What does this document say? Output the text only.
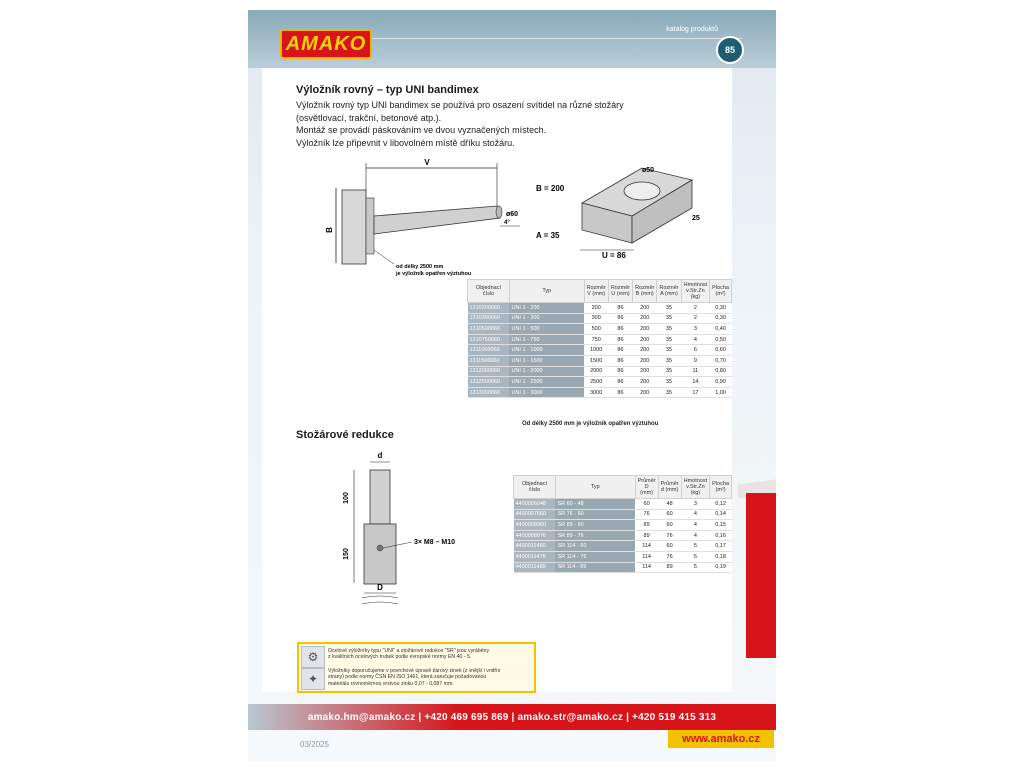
AMAKO
katalog produktů
85
Výložník rovný – typ UNI bandimex
Výložník rovný typ UNI bandimex se používá pro osazení svítidel na různé stožáry
(osvětlovací, trakční, betonové atp.).
Montáž se provádí páskováním ve dvou vyznačených místech.
Výložník lze připevnit v libovolném místě dříku stožáru.
V
B
ø60
4°
od délky 2500 mm
je výložník opatřen výztuhou
ø50
B = 200
25
A = 35
U = 86
Objednací číslo	Typ	Rozměr V (mm)	Rozměr U (mm)	Rozměr B (mm)	Rozměr A (mm)	Hmotnost v.Str.Zn (kg)	Plocha (m²)
1310200060	UNI 1 - 200	200	86	200	35	2	0,30
1310300060	UNI 1 - 300	300	86	200	35	2	0,30
1310500060	UNI 1 - 500	500	86	200	35	3	0,40
1310750060	UNI 1 - 750	750	86	200	35	4	0,50
1311000060	UNI 1 - 1000	1000	86	200	35	6	0,60
1311500060	UNI 1 - 1500	1500	86	200	35	9	0,70
1312000060	UNI 1 - 2000	2000	86	200	35	11	0,80
1312500060	UNI 1 - 2500	2500	86	200	35	14	0,90
1313000060	UNI 1 - 3000	3000	86	200	35	17	1,00
Od délky 2500 mm je výložník opatřen výztuhou
Stožárové redukce
d
100
150
3× M8 – M10
D
Objednací číslo	Typ	Průměr D (mm)	Průměr d (mm)	Hmotnost v.Str.Zn (kg)	Plocha (m²)
4400006048	SR 60 - 48	60	48	3	0,12
4400007660	SR 76 - 60	76	60	4	0,14
4400008960	SR 89 - 60	89	60	4	0,15
4400008976	SR 89 - 76	89	76	4	0,16
4400011460	SR 114 - 60	114	60	5	0,17
4400011476	SR 114 - 76	114	76	5	0,18
4400011489	SR 114 - 89	114	89	5	0,19
⚙	Ocelové výložníky typu "UNI" a stožárové redukce "SR" jsou vyráběny
z kvalitních ocelových trubek podle evropské normy EN 40 - 5.
✦
Výložníky doporučujeme v povrchové úpravě žárový zinek (z vnější i vnitřní
strany) podle normy ČSN EN ISO 1461, která zaručuje požadovanou
materiálu rovnoměrnou vrstvou zinku 0,07 - 0,087 mm.
amako.hm@amako.cz | +420 469 695 869 | amako.str@amako.cz | +420 519 415 313
www.amako.cz
03/2025
